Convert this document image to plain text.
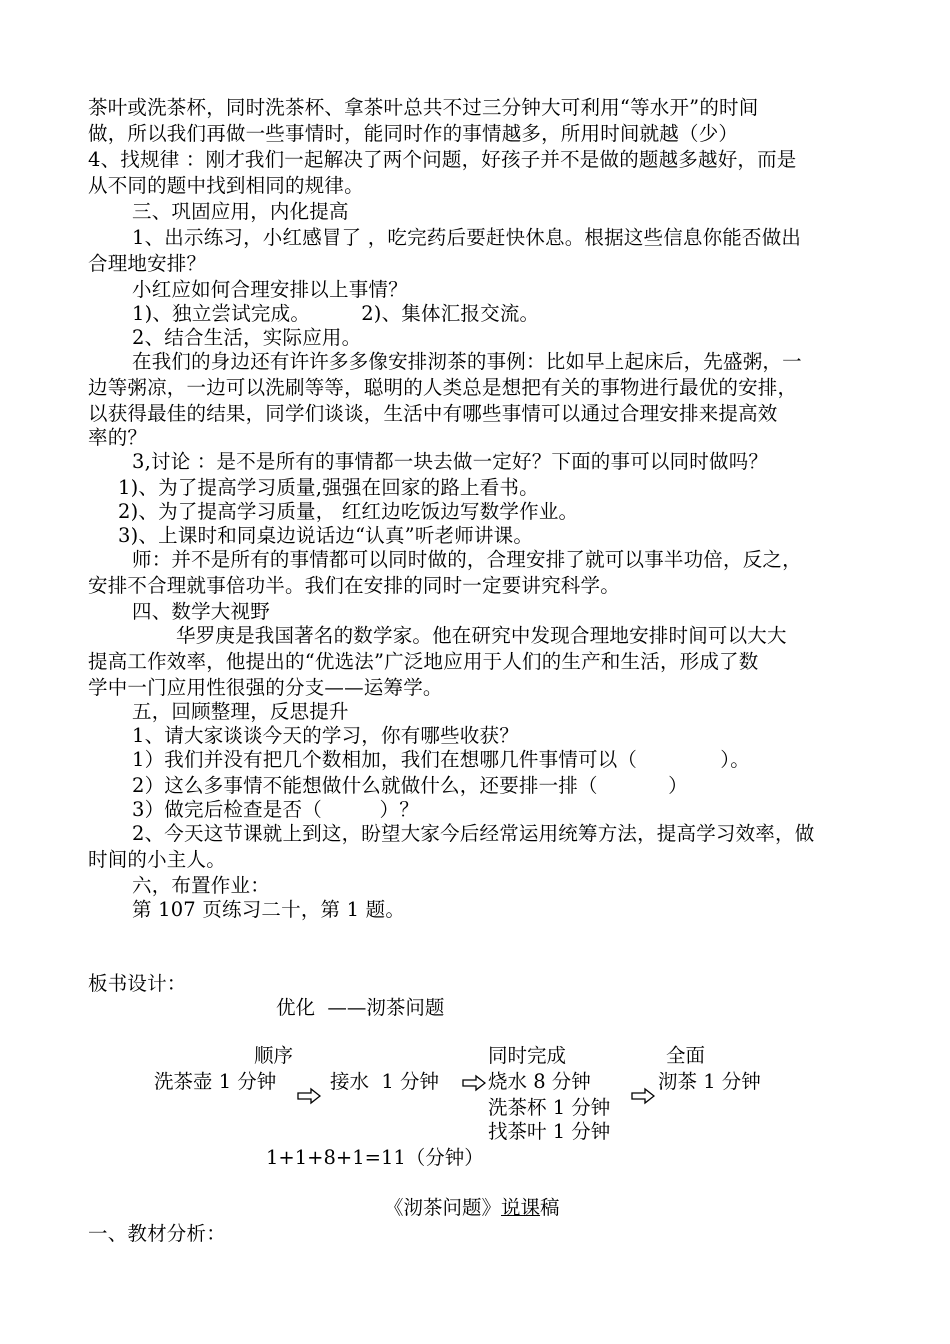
茶叶或洗茶杯，同时洗茶杯、拿茶叶总共不过三分钟大可利用“等水开”的时间
做，所以我们再做一些事情时，能同时作的事情越多，所用时间就越（少）
4、找规律 ：刚才我们一起解决了两个问题，好孩子并不是做的题越多越好，而是
从不同的题中找到相同的规律。
三、巩固应用，内化提高
1、出示练习，小红感冒了 ，吃完药后要赶快休息。根据这些信息你能否做出
合理地安排？
小红应如何合理安排以上事情？
1)、独立尝试完成。        2)、集体汇报交流。
2、结合生活，实际应用。
在我们的身边还有许许多多像安排沏茶的事例：比如早上起床后，先盛粥，一
边等粥凉，一边可以洗刷等等，聪明的人类总是想把有关的事物进行最优的安排，
以获得最佳的结果，同学们谈谈，生活中有哪些事情可以通过合理安排来提高效
率的？
3,讨论 ：是不是所有的事情都一块去做一定好？下面的事可以同时做吗？
1)、为了提高学习质量,强强在回家的路上看书。
2)、为了提高学习质量， 红红边吃饭边写数学作业。
3)、上课时和同桌边说话边“认真”听老师讲课。
师：并不是所有的事情都可以同时做的，合理安排了就可以事半功倍，反之，
安排不合理就事倍功半。我们在安排的同时一定要讲究科学。
四、数学大视野
华罗庚是我国著名的数学家。他在研究中发现合理地安排时间可以大大
提高工作效率，他提出的“优选法”广泛地应用于人们的生产和生活，形成了数
学中一门应用性很强的分支——运筹学。
五，回顾整理，反思提升
1、请大家谈谈今天的学习，你有哪些收获？
1）我们并没有把几个数相加，我们在想哪几件事情可以（             ）。
2）这么多事情不能想做什么就做什么，还要排一排（           ）
3）做完后检查是否（         ）？
2、今天这节课就上到这，盼望大家今后经常运用统筹方法，提高学习效率，做
时间的小主人。
六，布置作业：
第 107 页练习二十，第 1 题。
板书设计：
优化  ——沏茶问题
顺序	同时完成	全面
洗茶壶 1 分钟	接水  1 分钟	烧水 8 分钟
洗茶杯 1 分钟
找茶叶 1 分钟
沏茶 1 分钟
1+1+8+1=11（分钟）
《沏茶问题》说课稿
一、教材分析：
